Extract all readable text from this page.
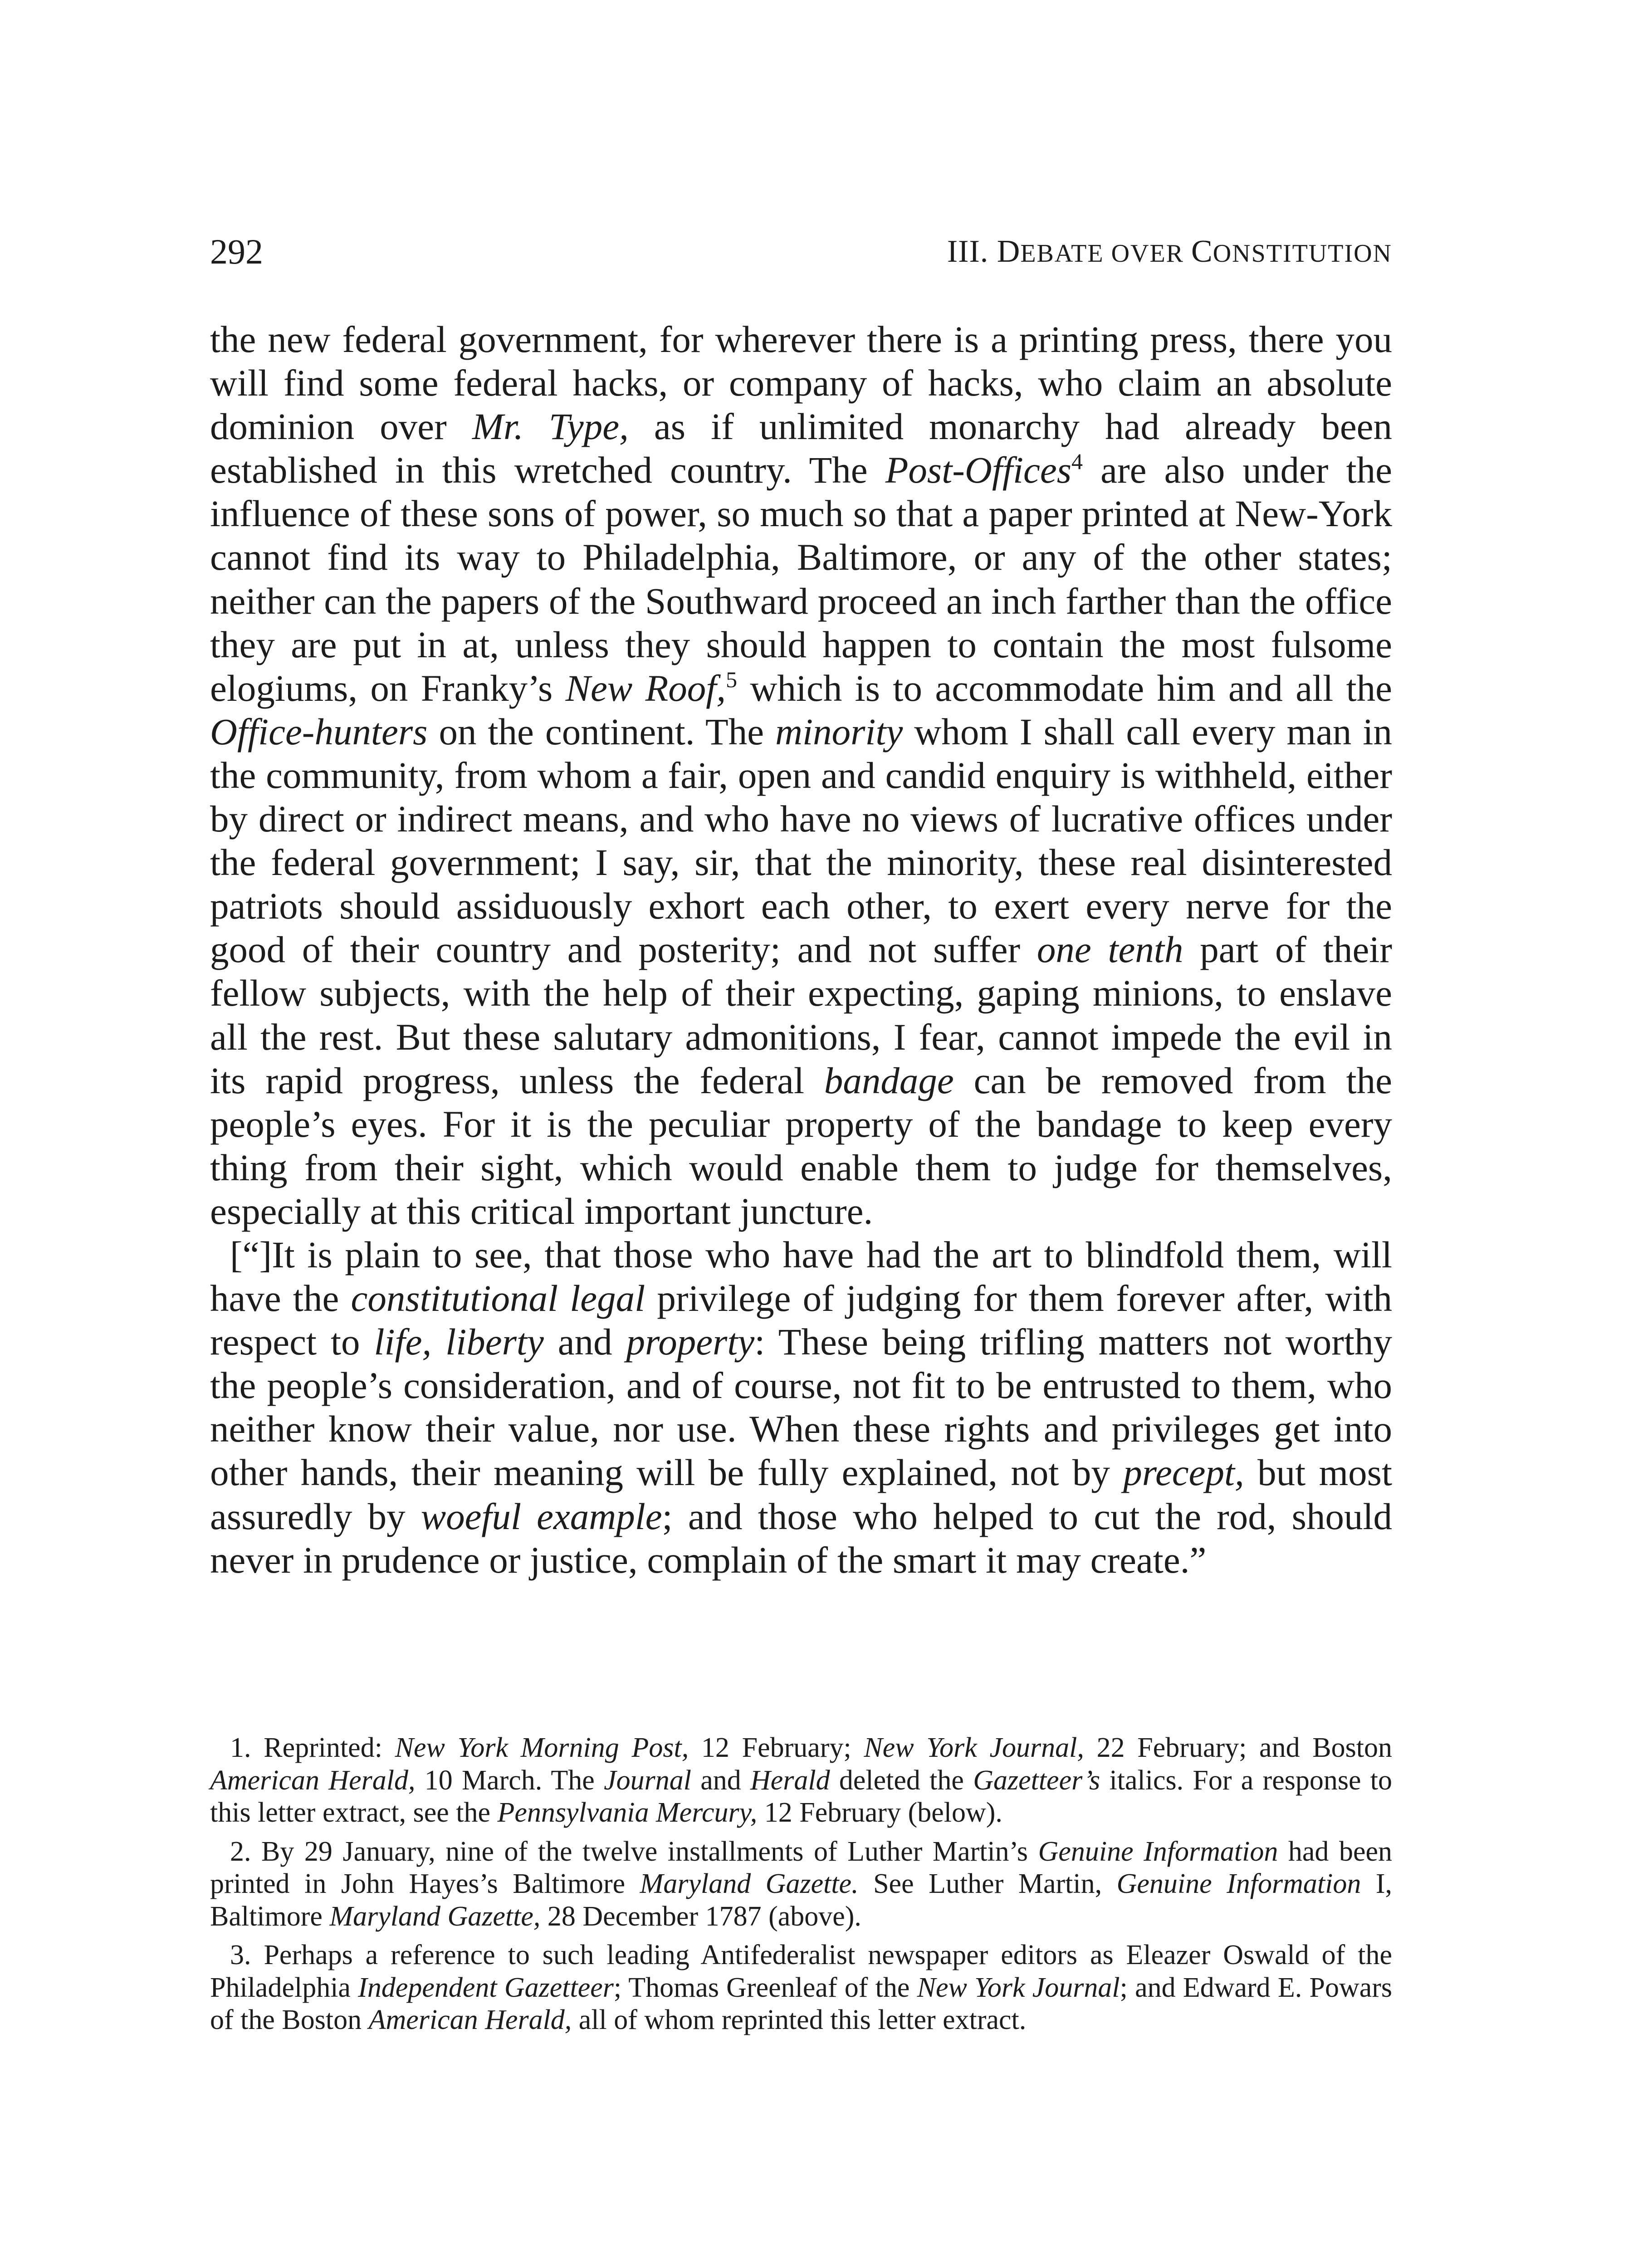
292	III. DEBATE OVER CONSTITUTION

the new federal government, for wherever there is a printing press, there you will find some federal hacks, or company of hacks, who claim an absolute dominion over Mr. Type, as if unlimited monarchy had already been established in this wretched country. The Post-Offices$^4$ are also under the influence of these sons of power, so much so that a paper printed at New-York cannot find its way to Philadelphia, Baltimore, or any of the other states; neither can the papers of the Southward proceed an inch farther than the office they are put in at, unless they should happen to contain the most fulsome elogiums, on Franky’s New Roof,$^5$ which is to accommodate him and all the Office-hunters on the continent. The minority whom I shall call every man in the community, from whom a fair, open and candid enquiry is withheld, either by direct or indirect means, and who have no views of lucrative offices under the federal government; I say, sir, that the minority, these real disinterested patriots should assiduously exhort each other, to exert every nerve for the good of their country and posterity; and not suffer one tenth part of their fellow subjects, with the help of their expecting, gaping minions, to enslave all the rest. But these salutary admonitions, I fear, cannot impede the evil in its rapid progress, unless the federal bandage can be removed from the people’s eyes. For it is the peculiar property of the bandage to keep every thing from their sight, which would enable them to judge for themselves, especially at this critical important juncture.

[“]It is plain to see, that those who have had the art to blindfold them, will have the constitutional legal privilege of judging for them forever after, with respect to life, liberty and property: These being trifling matters not worthy the people’s consideration, and of course, not fit to be entrusted to them, who neither know their value, nor use. When these rights and privileges get into other hands, their meaning will be fully explained, not by precept, but most assuredly by woeful example; and those who helped to cut the rod, should never in prudence or justice, complain of the smart it may create.”

1. Reprinted: New York Morning Post, 12 February; New York Journal, 22 February; and Boston American Herald, 10 March. The Journal and Herald deleted the Gazetteer’s italics. For a response to this letter extract, see the Pennsylvania Mercury, 12 February (below).

2. By 29 January, nine of the twelve installments of Luther Martin’s Genuine Information had been printed in John Hayes’s Baltimore Maryland Gazette. See Luther Martin, Genuine Information I, Baltimore Maryland Gazette, 28 December 1787 (above).

3. Perhaps a reference to such leading Antifederalist newspaper editors as Eleazer Oswald of the Philadelphia Independent Gazetteer; Thomas Greenleaf of the New York Journal; and Edward E. Powars of the Boston American Herald, all of whom reprinted this letter extract.
